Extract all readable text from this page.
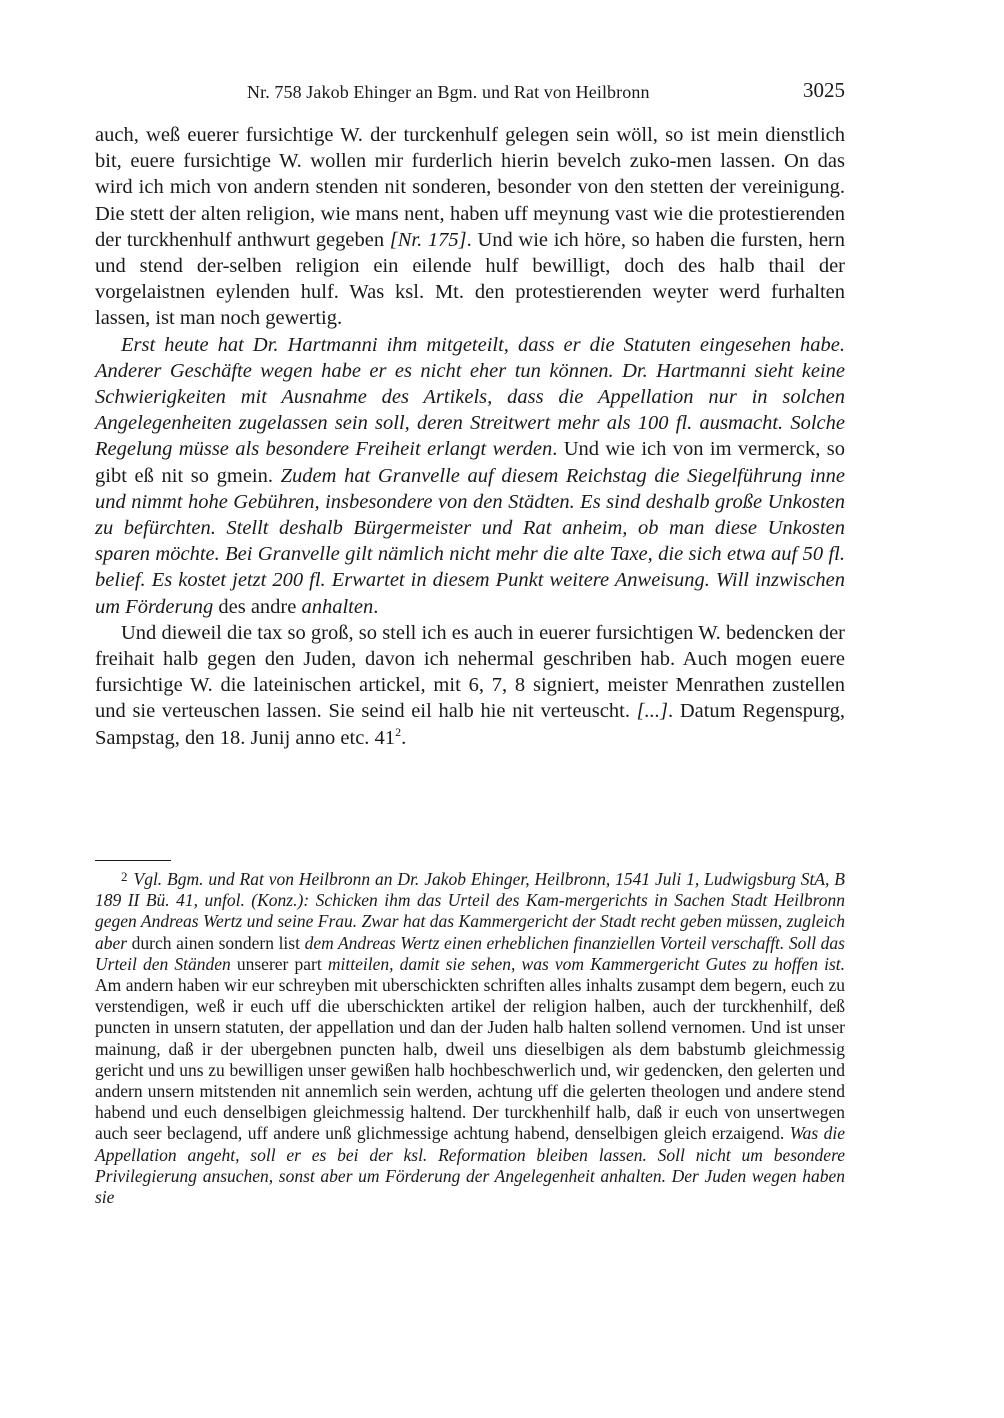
Nr. 758 Jakob Ehinger an Bgm. und Rat von Heilbronn	3025

auch, weß euerer fursichtige W. der turckenhulf gelegen sein wöll, so ist mein dienstlich bit, euere fursichtige W. wollen mir furderlich hierin bevelch zuko-men lassen. On das wird ich mich von andern stenden nit sonderen, besonder von den stetten der vereinigung. Die stett der alten religion, wie mans nent, haben uff meynung vast wie die protestierenden der turckhenhulf anthwurt gegeben [Nr. 175]. Und wie ich höre, so haben die fursten, hern und stend der-selben religion ein eilende hulf bewilligt, doch des halb thail der vorgelaistnen eylenden hulf. Was ksl. Mt. den protestierenden weyter werd furhalten lassen, ist man noch gewertig.

Erst heute hat Dr. Hartmanni ihm mitgeteilt, dass er die Statuten eingesehen habe. Anderer Geschäfte wegen habe er es nicht eher tun können. Dr. Hartmanni sieht keine Schwierigkeiten mit Ausnahme des Artikels, dass die Appellation nur in solchen Angelegenheiten zugelassen sein soll, deren Streitwert mehr als 100 fl. ausmacht. Solche Regelung müsse als besondere Freiheit erlangt werden. Und wie ich von im vermerck, so gibt eß nit so gmein. Zudem hat Granvelle auf diesem Reichstag die Siegelführung inne und nimmt hohe Gebühren, insbesondere von den Städten. Es sind deshalb große Unkosten zu befürchten. Stellt deshalb Bürgermeister und Rat anheim, ob man diese Unkosten sparen möchte. Bei Granvelle gilt nämlich nicht mehr die alte Taxe, die sich etwa auf 50 fl. belief. Es kostet jetzt 200 fl. Erwartet in diesem Punkt weitere Anweisung. Will inzwischen um Förderung des andre anhalten.

Und dieweil die tax so groß, so stell ich es auch in euerer fursichtigen W. bedencken der freihait halb gegen den Juden, davon ich nehermal geschriben hab. Auch mogen euere fursichtige W. die lateinischen artickel, mit 6, 7, 8 signiert, meister Menrathen zustellen und sie verteuschen lassen. Sie seind eil halb hie nit verteuscht. [...]. Datum Regenspurg, Sampstag, den 18. Junij anno etc. $41^2$.

$^2$ Vgl. Bgm. und Rat von Heilbronn an Dr. Jakob Ehinger, Heilbronn, 1541 Juli 1, Ludwigsburg StA, B 189 II Bü. 41, unfol. (Konz.): Schicken ihm das Urteil des Kam-mergerichts in Sachen Stadt Heilbronn gegen Andreas Wertz und seine Frau. Zwar hat das Kammergericht der Stadt recht geben müssen, zugleich aber durch ainen sondern list dem Andreas Wertz einen erheblichen finanziellen Vorteil verschafft. Soll das Urteil den Ständen unserer part mitteilen, damit sie sehen, was vom Kammergericht Gutes zu hoffen ist. Am andern haben wir eur schreyben mit uberschickten schriften alles inhalts zusampt dem begern, euch zu verstendigen, weß ir euch uff die uberschickten artikel der religion halben, auch der turckhenhilf, deß puncten in unsern statuten, der appellation und dan der Juden halb halten sollend vernomen. Und ist unser mainung, daß ir der ubergebnen puncten halb, dweil uns dieselbigen als dem babstumb gleichmessig gericht und uns zu bewilligen unser gewißen halb hochbeschwerlich und, wir gedencken, den gelerten und andern unsern mitstenden nit annemlich sein werden, achtung uff die gelerten theologen und andere stend habend und euch denselbigen gleichmessig haltend. Der turckhenhilf halb, daß ir euch von unsertwegen auch seer beclagend, uff andere unß glichmessige achtung habend, denselbigen gleich erzaigend. Was die Appellation angeht, soll er es bei der ksl. Reformation bleiben lassen. Soll nicht um besondere Privilegierung ansuchen, sonst aber um Förderung der Angelegenheit anhalten. Der Juden wegen haben sie
